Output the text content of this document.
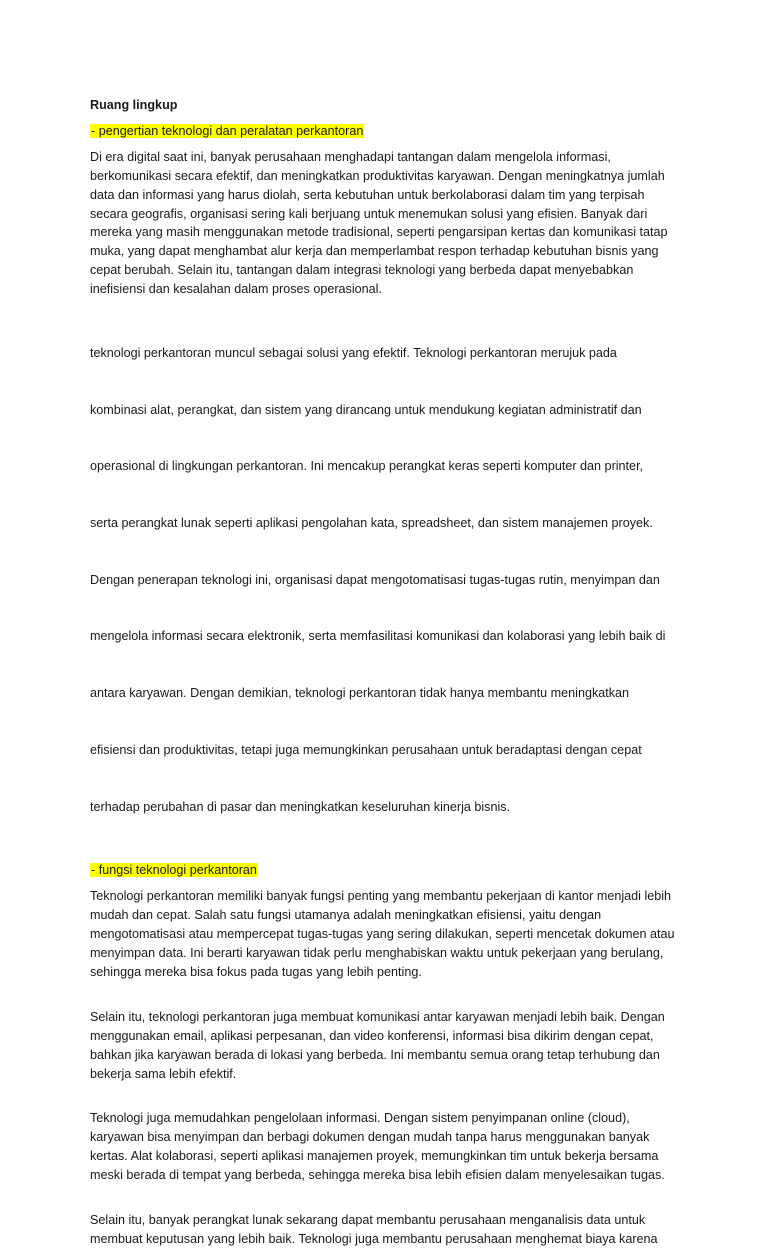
Ruang lingkup
- pengertian teknologi dan peralatan perkantoran
Di era digital saat ini, banyak perusahaan menghadapi tantangan dalam mengelola informasi,
berkomunikasi secara efektif, dan meningkatkan produktivitas karyawan. Dengan meningkatnya jumlah
data dan informasi yang harus diolah, serta kebutuhan untuk berkolaborasi dalam tim yang terpisah
secara geografis, organisasi sering kali berjuang untuk menemukan solusi yang efisien. Banyak dari
mereka yang masih menggunakan metode tradisional, seperti pengarsipan kertas dan komunikasi tatap
muka, yang dapat menghambat alur kerja dan memperlambat respon terhadap kebutuhan bisnis yang
cepat berubah. Selain itu, tantangan dalam integrasi teknologi yang berbeda dapat menyebabkan
inefisiensi dan kesalahan dalam proses operasional.

teknologi perkantoran muncul sebagai solusi yang efektif. Teknologi perkantoran merujuk pada

kombinasi alat, perangkat, dan sistem yang dirancang untuk mendukung kegiatan administratif dan

operasional di lingkungan perkantoran. Ini mencakup perangkat keras seperti komputer dan printer,

serta perangkat lunak seperti aplikasi pengolahan kata, spreadsheet, dan sistem manajemen proyek.

Dengan penerapan teknologi ini, organisasi dapat mengotomatisasi tugas-tugas rutin, menyimpan dan

mengelola informasi secara elektronik, serta memfasilitasi komunikasi dan kolaborasi yang lebih baik di

antara karyawan. Dengan demikian, teknologi perkantoran tidak hanya membantu meningkatkan

efisiensi dan produktivitas, tetapi juga memungkinkan perusahaan untuk beradaptasi dengan cepat

terhadap perubahan di pasar dan meningkatkan keseluruhan kinerja bisnis.

- fungsi teknologi perkantoran
Teknologi perkantoran memiliki banyak fungsi penting yang membantu pekerjaan di kantor menjadi lebih
mudah dan cepat. Salah satu fungsi utamanya adalah meningkatkan efisiensi, yaitu dengan
mengotomatisasi atau mempercepat tugas-tugas yang sering dilakukan, seperti mencetak dokumen atau
menyimpan data. Ini berarti karyawan tidak perlu menghabiskan waktu untuk pekerjaan yang berulang,
sehingga mereka bisa fokus pada tugas yang lebih penting.
Selain itu, teknologi perkantoran juga membuat komunikasi antar karyawan menjadi lebih baik. Dengan
menggunakan email, aplikasi perpesanan, dan video konferensi, informasi bisa dikirim dengan cepat,
bahkan jika karyawan berada di lokasi yang berbeda. Ini membantu semua orang tetap terhubung dan
bekerja sama lebih efektif.
Teknologi juga memudahkan pengelolaan informasi. Dengan sistem penyimpanan online (cloud),
karyawan bisa menyimpan dan berbagi dokumen dengan mudah tanpa harus menggunakan banyak
kertas. Alat kolaborasi, seperti aplikasi manajemen proyek, memungkinkan tim untuk bekerja bersama
meski berada di tempat yang berbeda, sehingga mereka bisa lebih efisien dalam menyelesaikan tugas.
Selain itu, banyak perangkat lunak sekarang dapat membantu perusahaan menganalisis data untuk
membuat keputusan yang lebih baik. Teknologi juga membantu perusahaan menghemat biaya karena
